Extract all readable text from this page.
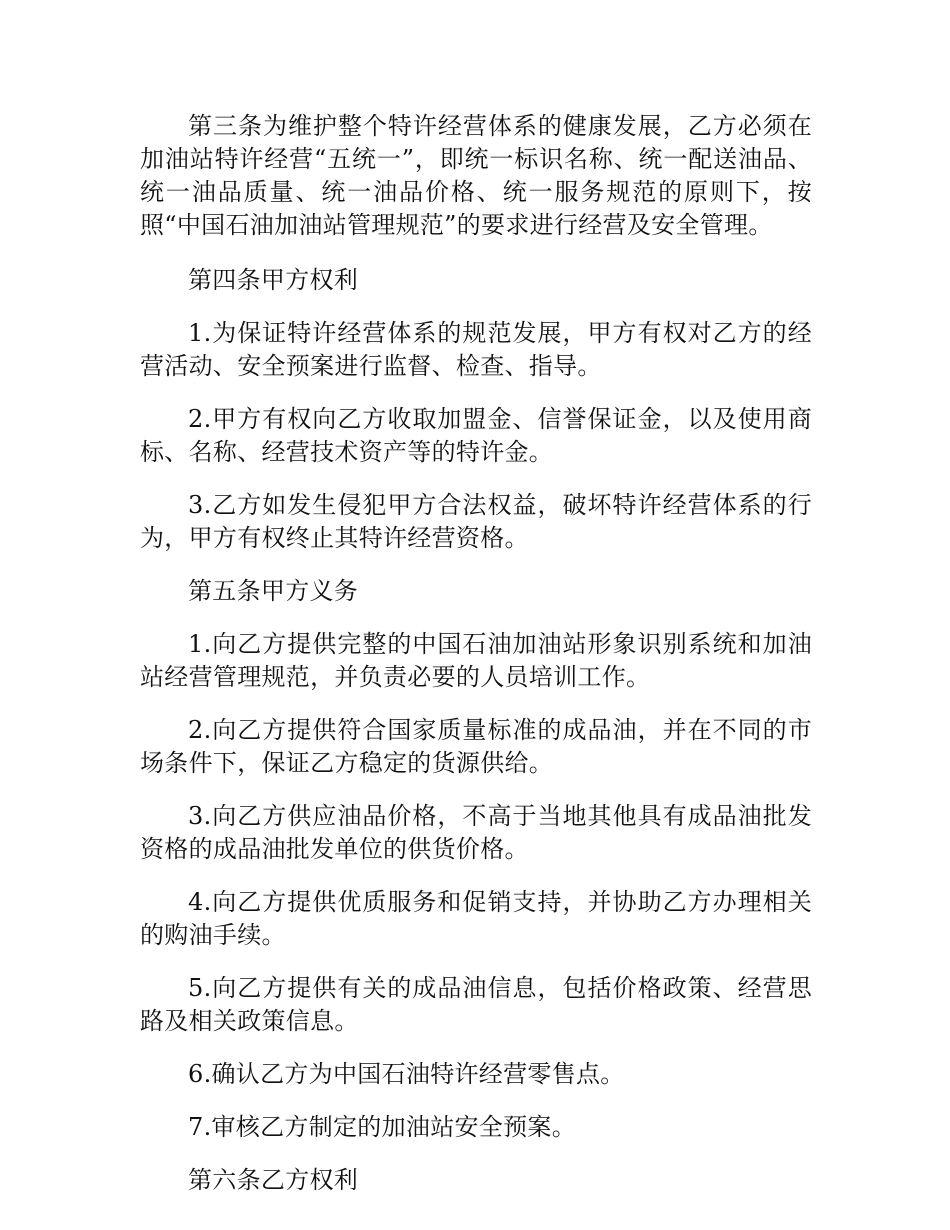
第三条为维护整个特许经营体系的健康发展，乙方必须在加油站特许经营“五统一”，即统一标识名称、统一配送油品、统一油品质量、统一油品价格、统一服务规范的原则下，按照“中国石油加油站管理规范”的要求进行经营及安全管理。

第四条甲方权利

1.为保证特许经营体系的规范发展，甲方有权对乙方的经营活动、安全预案进行监督、检查、指导。

2.甲方有权向乙方收取加盟金、信誉保证金，以及使用商标、名称、经营技术资产等的特许金。

3.乙方如发生侵犯甲方合法权益，破坏特许经营体系的行为，甲方有权终止其特许经营资格。

第五条甲方义务

1.向乙方提供完整的中国石油加油站形象识别系统和加油站经营管理规范，并负责必要的人员培训工作。

2.向乙方提供符合国家质量标准的成品油，并在不同的市场条件下，保证乙方稳定的货源供给。

3.向乙方供应油品价格，不高于当地其他具有成品油批发资格的成品油批发单位的供货价格。

4.向乙方提供优质服务和促销支持，并协助乙方办理相关的购油手续。

5.向乙方提供有关的成品油信息，包括价格政策、经营思路及相关政策信息。

6.确认乙方为中国石油特许经营零售点。

7.审核乙方制定的加油站安全预案。

第六条乙方权利
